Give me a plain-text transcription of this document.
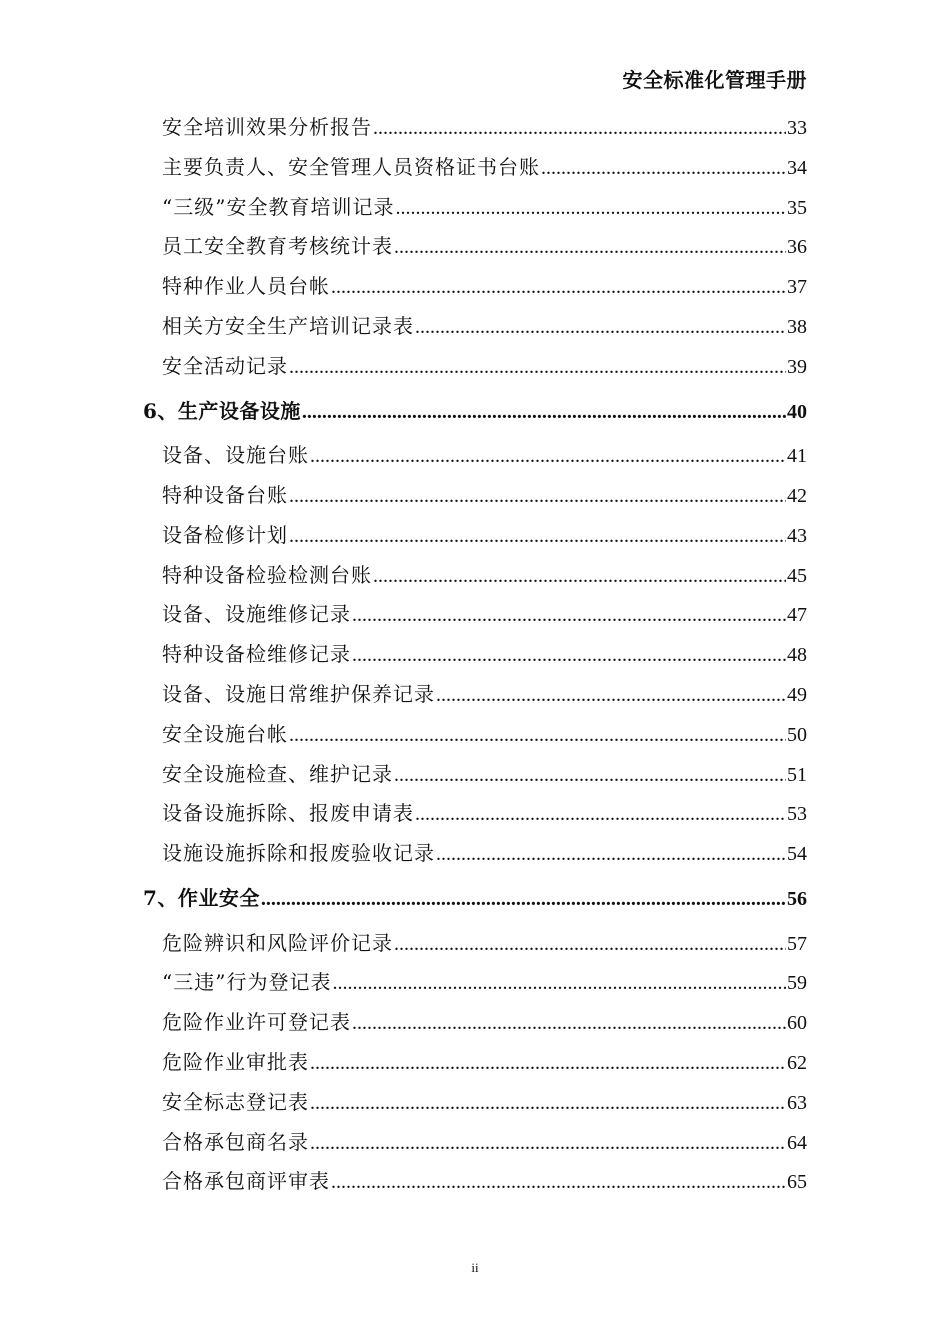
安全标准化管理手册
安全培训效果分析报告 .....	33
主要负责人、安全管理人员资格证书台账 .....	34
“三级”安全教育培训记录 .....	35
员工安全教育考核统计表 .....	36
特种作业人员台帐 .....	37
相关方安全生产培训记录表 .....	38
安全活动记录 .....	39
6、生产设备设施 .....	40
设备、设施台账 .....	41
特种设备台账 .....	42
设备检修计划 .....	43
特种设备检验检测台账 .....	45
设备、设施维修记录 .....	47
特种设备检维修记录 .....	48
设备、设施日常维护保养记录 .....	49
安全设施台帐 .....	50
安全设施检查、维护记录 .....	51
设备设施拆除、报废申请表 .....	53
设施设施拆除和报废验收记录 .....	54
7、作业安全 .....	56
危险辨识和风险评价记录 .....	57
“三违”行为登记表 .....	59
危险作业许可登记表 .....	60
危险作业审批表 .....	62
安全标志登记表 .....	63
合格承包商名录 .....	64
合格承包商评审表 .....	65
ii
